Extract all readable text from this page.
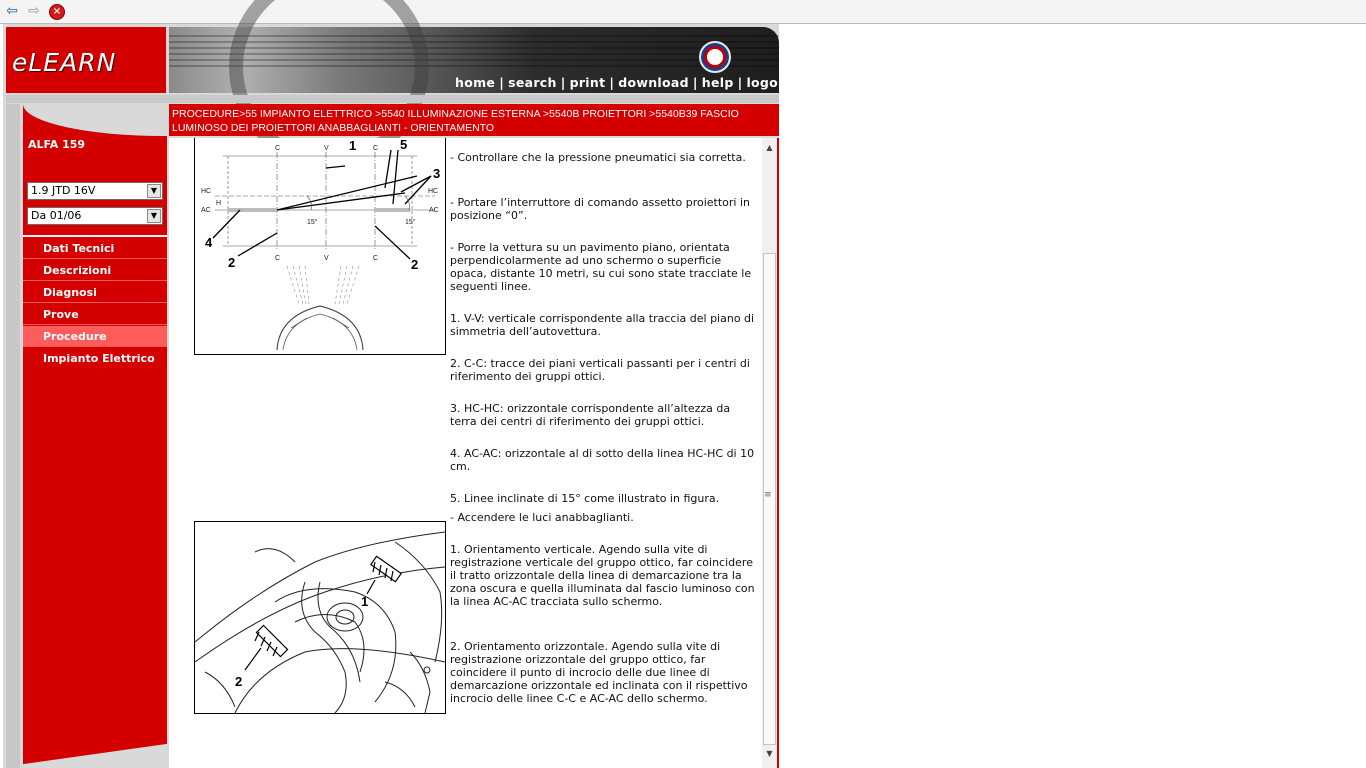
⇦ ⇨	×
eLEARN
home | search | print | download | help | logout
ALFA 159
1.9 JTD 16V	▼
Da 01/06	▼
Dati Tecnici
Descrizioni
Diagnosi
Prove
Procedure
Impianto Elettrico
PROCEDURE>55 IMPIANTO ELETTRICO >5540 ILLUMINAZIONE ESTERNA >5540B PROIETTORI >5540B39 FASCIO LUMINOSO DEI PROIETTORI ANABBAGLIANTI - ORIENTAMENTO
▲
▼
≡
C	V	C
C	V	C
HC
AC
HC
AC
H
15°	15°
1	5
3
4
2	2
1
2

- Controllare che la pressione pneumatici sia corretta.

- Portare l’interruttore di comando assetto proiettori in posizione “0”.

- Porre la vettura su un pavimento piano, orientata perpendicolarmente ad uno schermo o superficie opaca, distante 10 metri, su cui sono state tracciate le seguenti linee.

1. V-V: verticale corrispondente alla traccia del piano di simmetria dell’autovettura.

2. C-C: tracce dei piani verticali passanti per i centri di riferimento dei gruppi ottici.

3. HC-HC: orizzontale corrispondente all’altezza da terra dei centri di riferimento dei gruppi ottici.

4. AC-AC: orizzontale al di sotto della linea HC-HC di 10 cm.

5. Linee inclinate di 15° come illustrato in figura.

- Accendere le luci anabbaglianti.

1. Orientamento verticale. Agendo sulla vite di registrazione verticale del gruppo ottico, far coincidere il tratto orizzontale della linea di demarcazione tra la zona oscura e quella illuminata dal fascio luminoso con la linea AC-AC tracciata sullo schermo.

2. Orientamento orizzontale. Agendo sulla vite di registrazione orizzontale del gruppo ottico, far coincidere il punto di incrocio delle due linee di demarcazione orizzontale ed inclinata con il rispettivo incrocio delle linee C-C e AC-AC dello schermo.
